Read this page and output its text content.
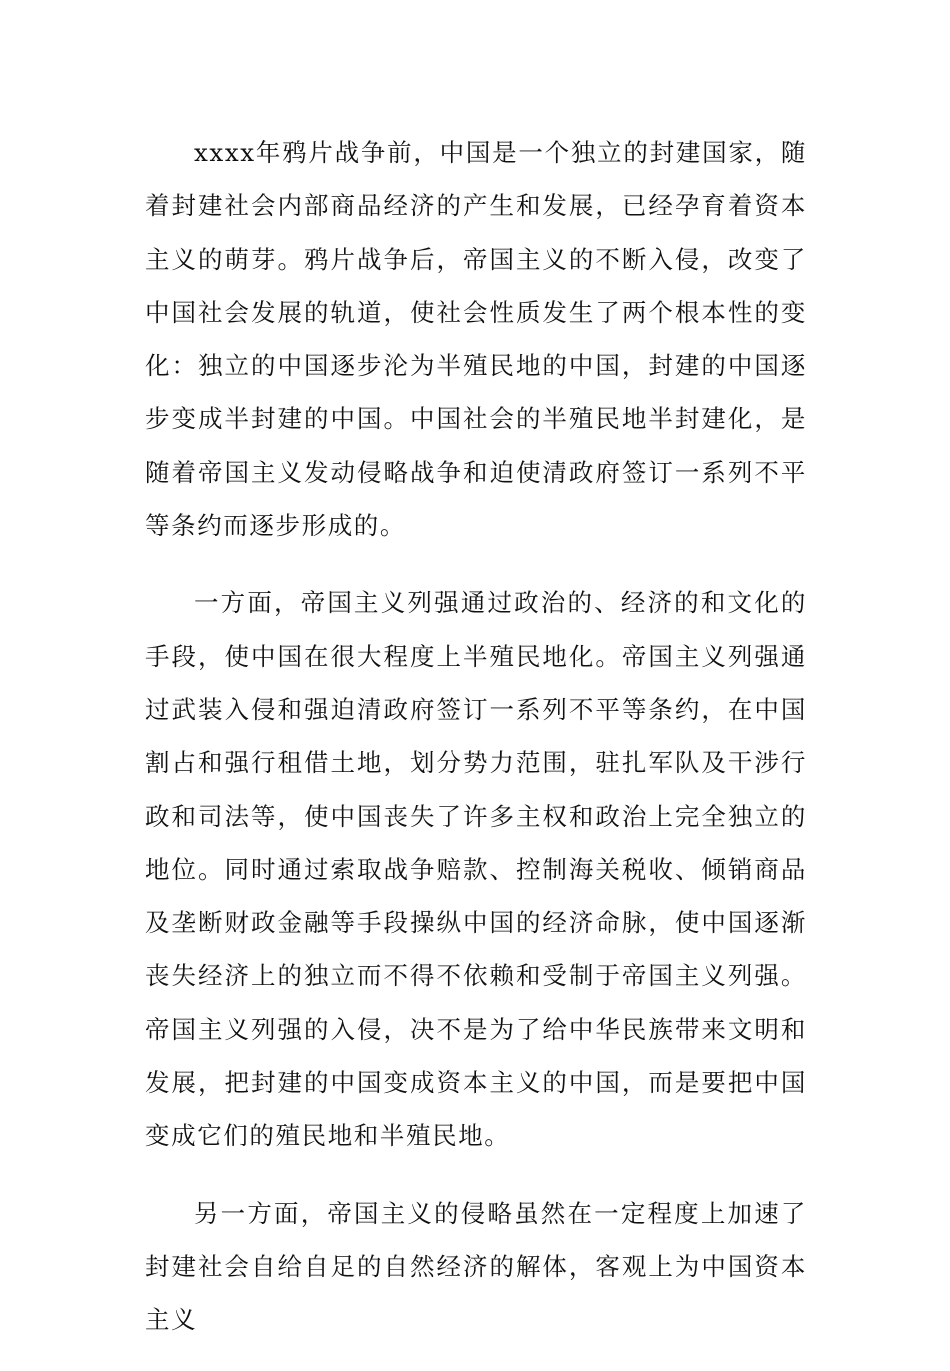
xxxx年鸦片战争前，中国是一个独立的封建国家，随着封建社会内部商品经济的产生和发展，已经孕育着资本主义的萌芽。鸦片战争后，帝国主义的不断入侵，改变了中国社会发展的轨道，使社会性质发生了两个根本性的变化：独立的中国逐步沦为半殖民地的中国，封建的中国逐步变成半封建的中国。中国社会的半殖民地半封建化，是随着帝国主义发动侵略战争和迫使清政府签订一系列不平等条约而逐步形成的。

一方面，帝国主义列强通过政治的、经济的和文化的手段，使中国在很大程度上半殖民地化。帝国主义列强通过武装入侵和强迫清政府签订一系列不平等条约，在中国割占和强行租借土地，划分势力范围，驻扎军队及干涉行政和司法等，使中国丧失了许多主权和政治上完全独立的地位。同时通过索取战争赔款、控制海关税收、倾销商品及垄断财政金融等手段操纵中国的经济命脉，使中国逐渐丧失经济上的独立而不得不依赖和受制于帝国主义列强。帝国主义列强的入侵，决不是为了给中华民族带来文明和发展，把封建的中国变成资本主义的中国，而是要把中国变成它们的殖民地和半殖民地。

另一方面，帝国主义的侵略虽然在一定程度上加速了封建社会自给自足的自然经济的解体，客观上为中国资本主义
